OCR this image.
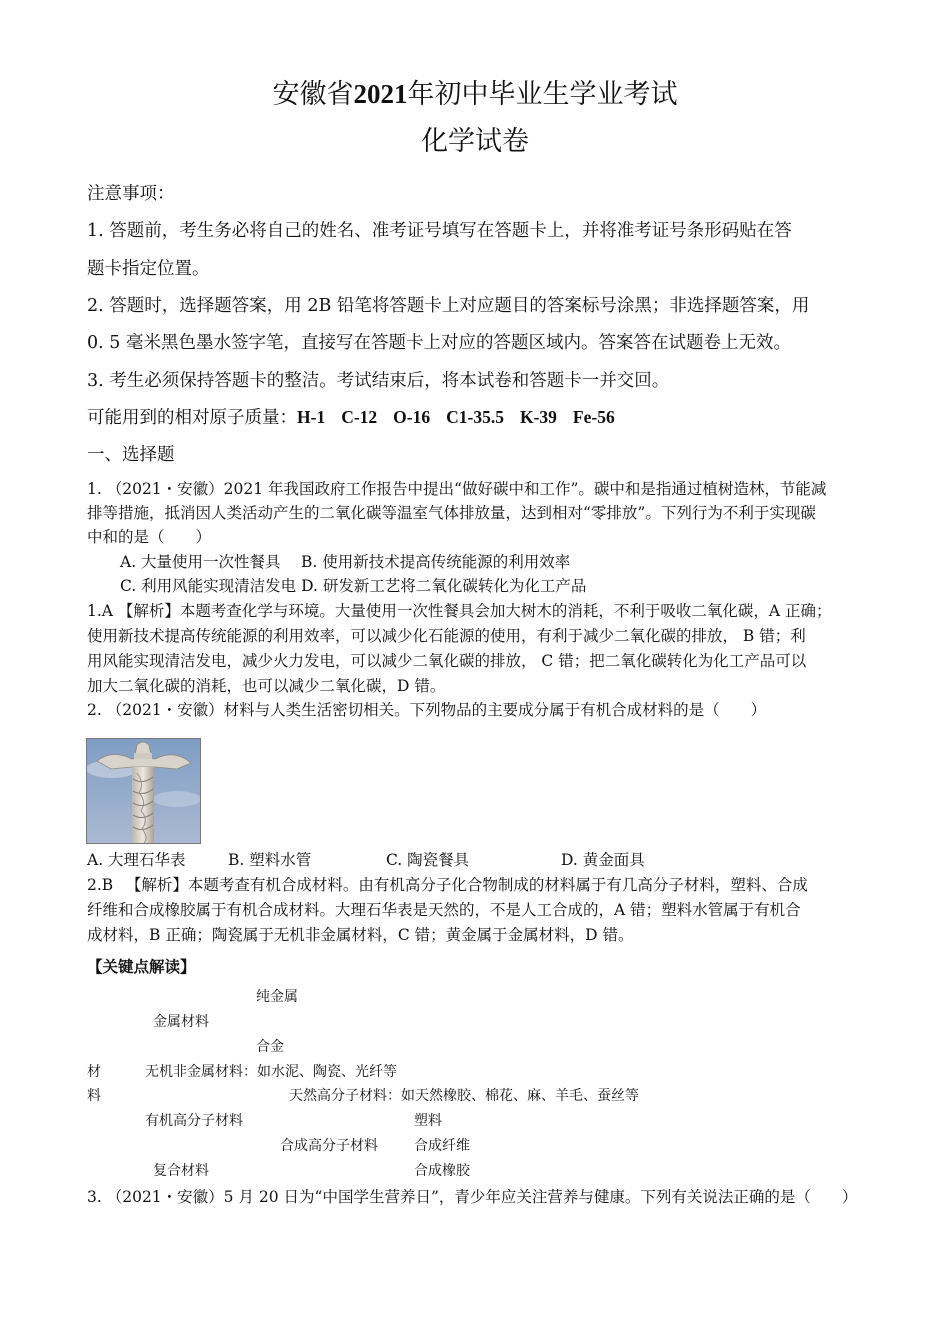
安徽省2021年初中毕业生学业考试
化学试卷
注意事项：
1. 答题前，考生务必将自己的姓名、准考证号填写在答题卡上，并将准考证号条形码贴在答
题卡指定位置。
2. 答题时，选择题答案，用 2B 铅笔将答题卡上对应题目的答案标号涂黑；非选择题答案，用
0. 5 毫米黑色墨水签字笔，直接写在答题卡上对应的答题区域内。答案答在试题卷上无效。
3. 考生必须保持答题卡的整洁。考试结束后，将本试卷和答题卡一并交回。
可能用到的相对原子质量：H-1 C-12 O-16 C1-35.5 K-39 Fe-56
一、选择题
1. （2021・安徽）2021 年我国政府工作报告中提出“做好碳中和工作”。碳中和是指通过植树造林，节能减
排等措施，抵消因人类活动产生的二氧化碳等温室气体排放量，达到相对“零排放”。下列行为不利于实现碳
中和的是（　　）
A. 大量使用一次性餐具　 B. 使用新技术提高传统能源的利用效率
C. 利用风能实现清洁发电 D. 研发新工艺将二氧化碳转化为化工产品
1.A 【解析】本题考查化学与环境。大量使用一次性餐具会加大树木的消耗，不利于吸收二氧化碳，A 正确；
使用新技术提高传统能源的利用效率，可以减少化石能源的使用，有利于减少二氧化碳的排放， B 错；利
用风能实现清洁发电，减少火力发电，可以减少二氧化碳的排放， C 错；把二氧化碳转化为化工产品可以
加大二氧化碳的消耗，也可以减少二氧化碳，D 错。
2. （2021・安徽）材料与人类生活密切相关。下列物品的主要成分属于有机合成材料的是（　　）
A. 大理石华表	B. 塑料水管	C. 陶瓷餐具	D. 黄金面具
2.B 　【解析】本题考查有机合成材料。由有机高分子化合物制成的材料属于有几高分子材料，塑料、合成
纤维和合成橡胶属于有机合成材料。大理石华表是天然的，不是人工合成的，A 错；塑料水管属于有机合
成材料，B 正确；陶瓷属于无机非金属材料，C 错；黄金属于金属材料，D 错。
【关键点解读】
纯金属
金属材料
合金
材	无机非金属材料：如水泥、陶瓷、光纤等
料	天然高分子材料：如天然橡胶、棉花、麻、羊毛、蚕丝等
有机高分子材料	塑料
合成高分子材料	合成纤维
复合材料	合成橡胶
3. （2021・安徽）5 月 20 日为“中国学生营养日”，青少年应关注营养与健康。下列有关说法正确的是（　　）
